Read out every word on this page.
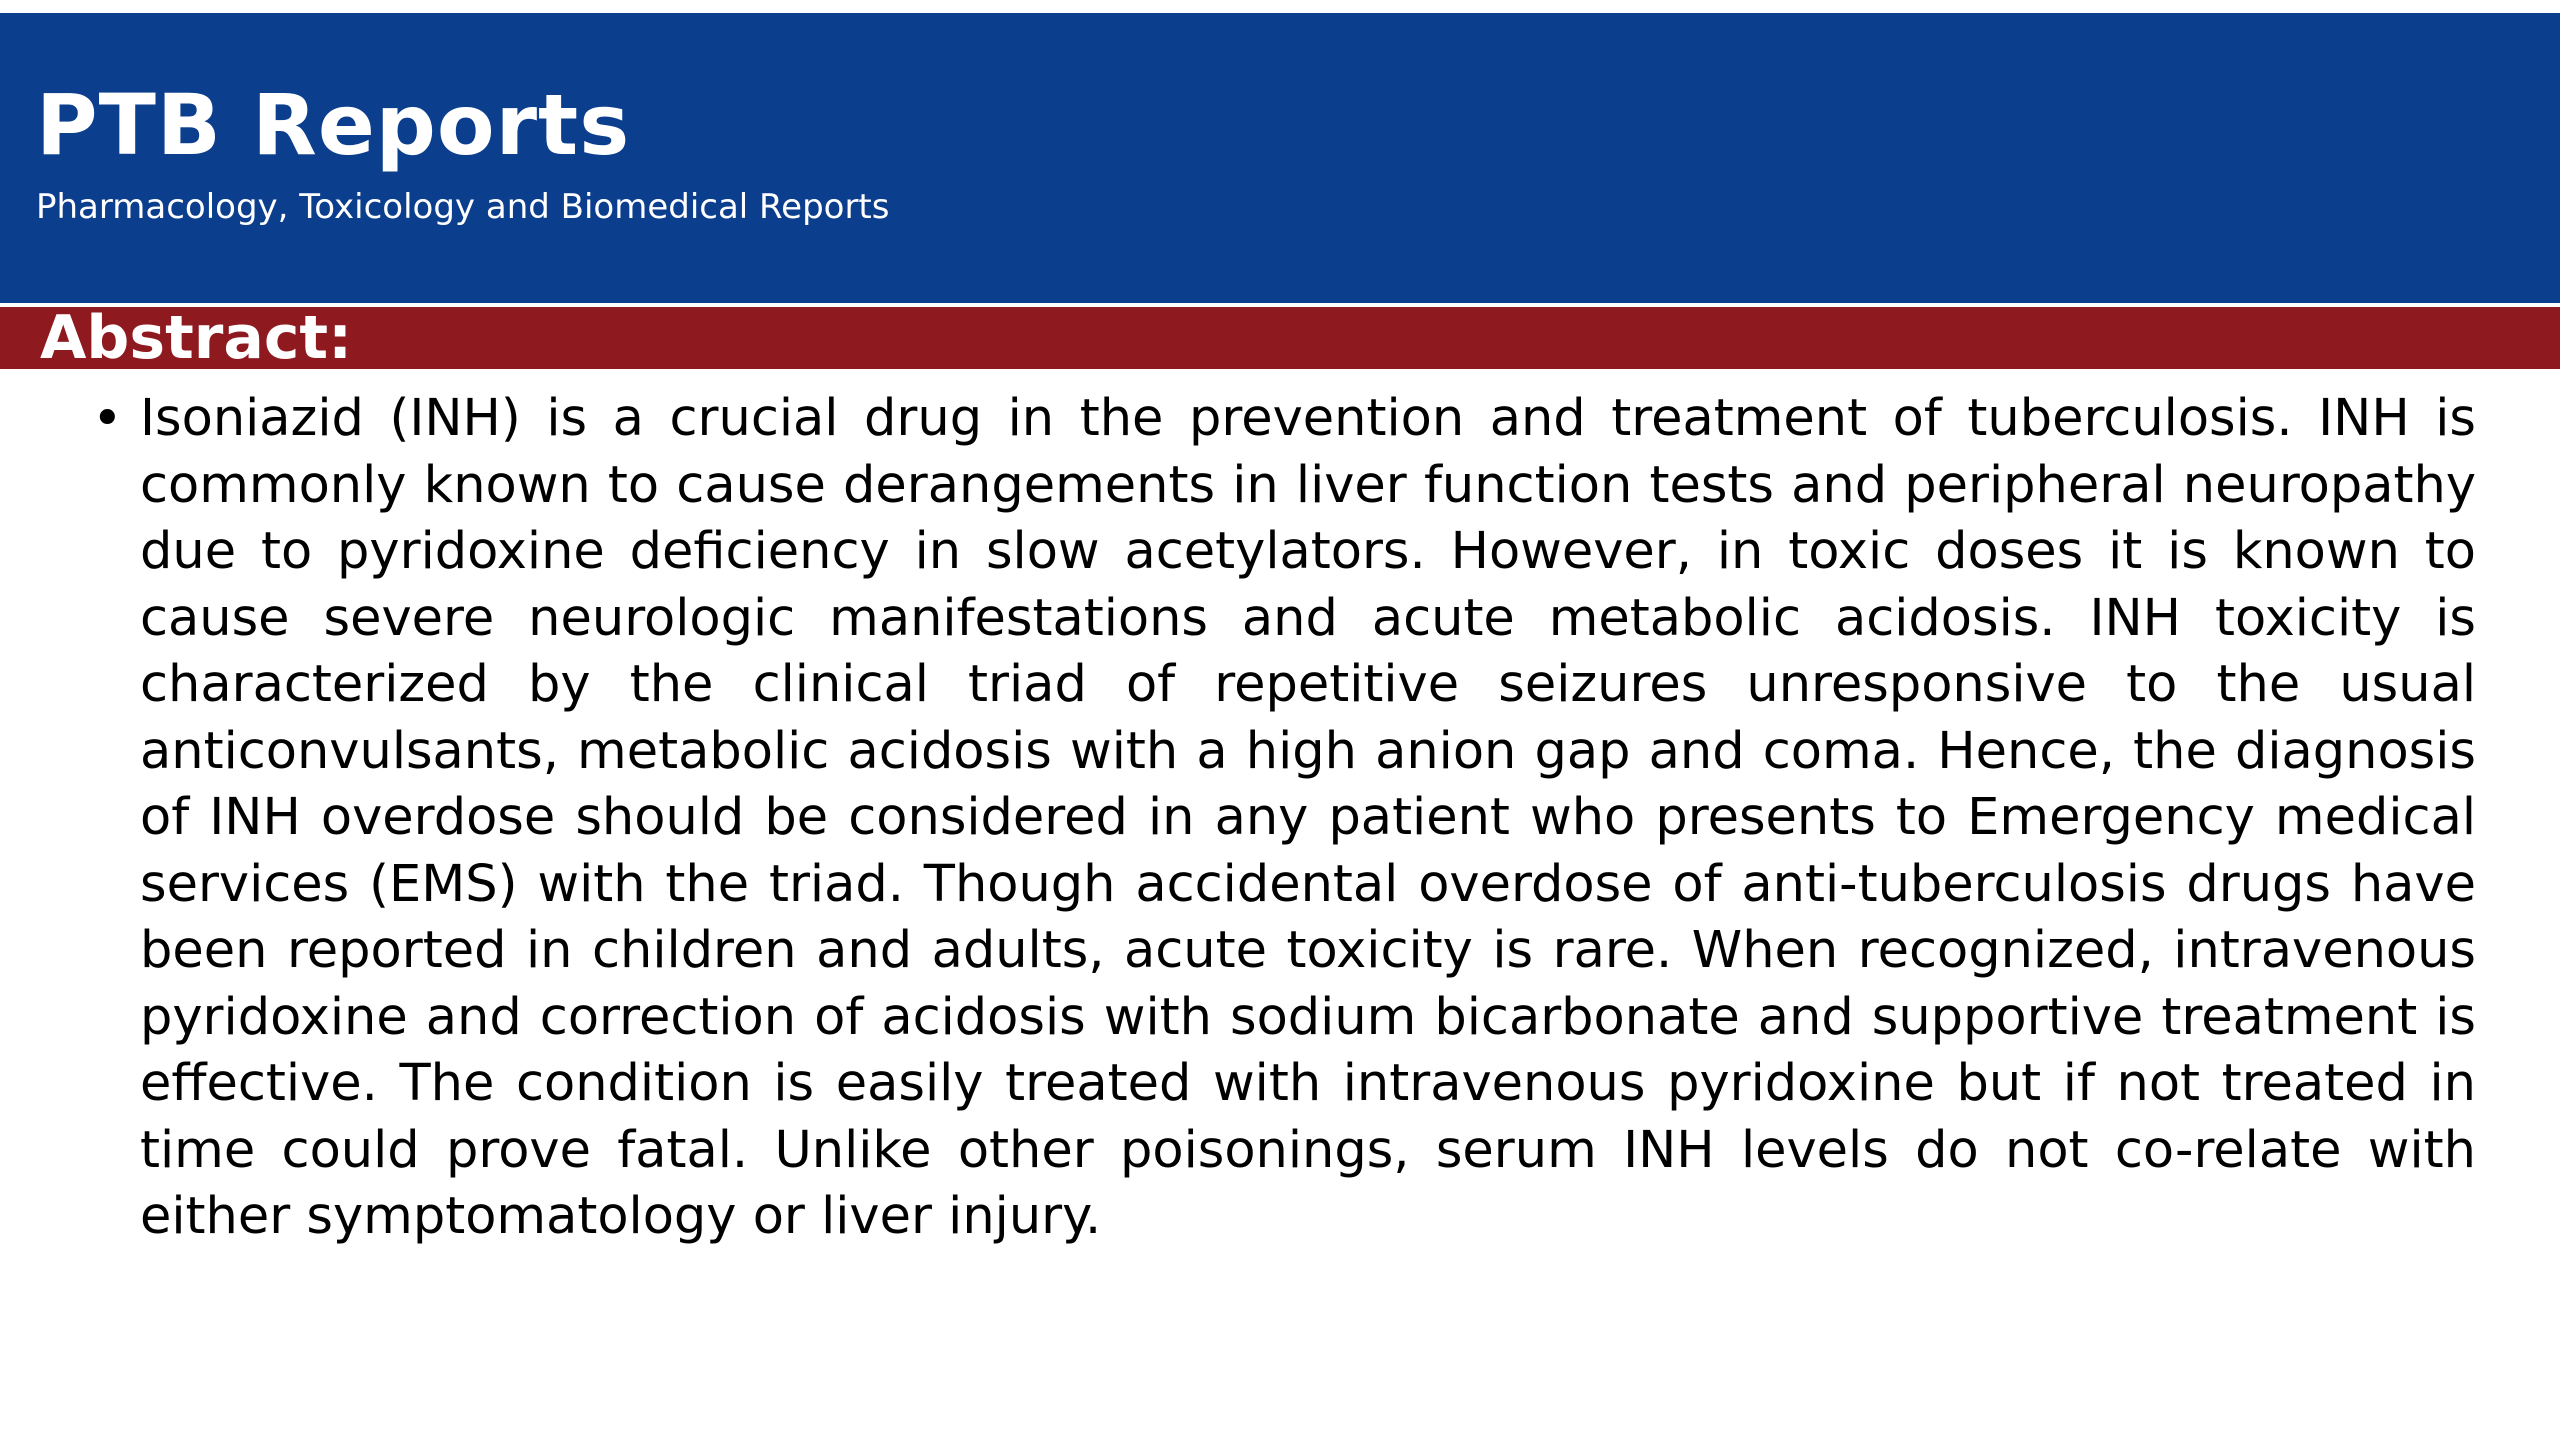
PTB Reports

Pharmacology, Toxicology and Biomedical Reports

Abstract:
• Isoniazid (INH) is a crucial drug in the prevention and treatment of tuberculosis. INH is commonly known to cause derangements in liver function tests and peripheral neuropathy due to pyridoxine deficiency in slow acetylators. However, in toxic doses it is known to cause severe neurologic manifestations and acute metabolic acidosis. INH toxicity is characterized by the clinical triad of repetitive seizures unresponsive to the usual anticonvulsants, metabolic acidosis with a high anion gap and coma. Hence, the diagnosis of INH overdose should be considered in any patient who presents to Emergency medical services (EMS) with the triad. Though accidental overdose of anti-tuberculosis drugs have been reported in children and adults, acute toxicity is rare. When recognized, intravenous pyridoxine and correction of acidosis with sodium bicarbonate and supportive treatment is effective. The condition is easily treated with intravenous pyridoxine but if not treated in time could prove fatal. Unlike other poisonings, serum INH levels do not co-relate with either symptomatology or liver injury.
